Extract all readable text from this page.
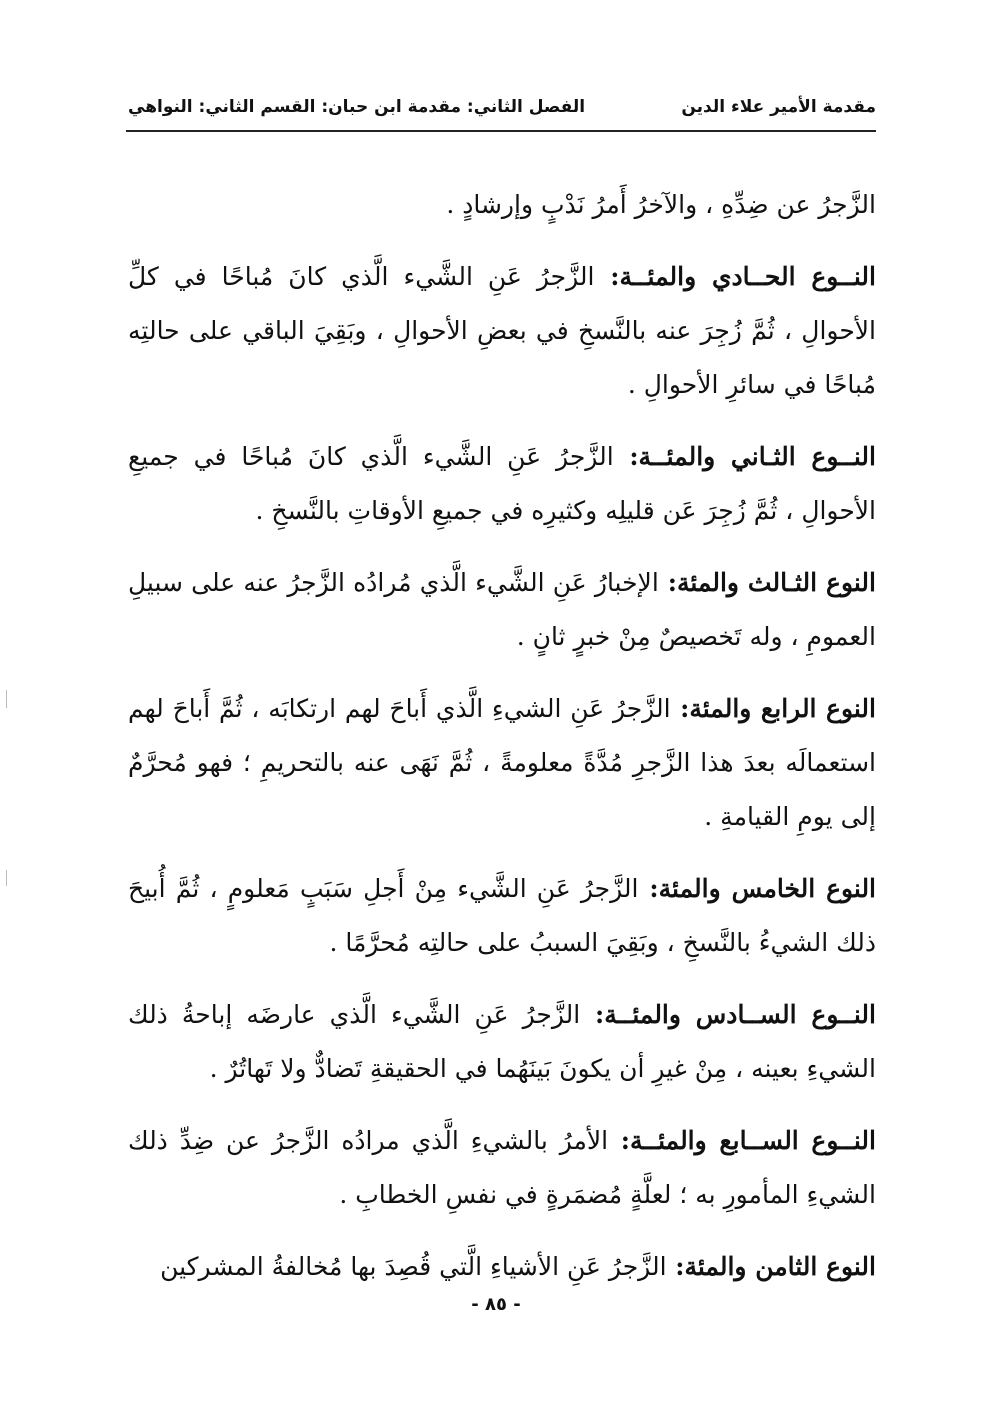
مقدمة الأمير علاء الدين
الفصل الثاني: مقدمة ابن حبان: القسم الثاني: النواهي

الزَّجرُ عن ضِدِّهِ ، والآخرُ أَمرُ نَدْبٍ وإرشادٍ .

النــوع الحــادي والمئــة: الزَّجرُ عَنِ الشَّيء الَّذي كانَ مُباحًا في كلِّ الأحوالِ ، ثُمَّ زُجِرَ عنه بالنَّسخِ في بعضِ الأحوالِ ، وبَقِيَ الباقي على حالتِه مُباحًا في سائرِ الأحوالِ .

النــوع الثـاني والمئــة: الزَّجرُ عَنِ الشَّيء الَّذي كانَ مُباحًا في جميعِ الأحوالِ ، ثُمَّ زُجِرَ عَن قليلِه وكثيرِه في جميعِ الأوقاتِ بالنَّسخِ .

النوع الثـالث والمئة: الإخبارُ عَنِ الشَّيء الَّذي مُرادُه الزَّجرُ عنه على سبيلِ العمومِ ، وله تَخصيصٌ مِنْ خبرٍ ثانٍ .

النوع الرابع والمئة: الزَّجرُ عَنِ الشيءِ الَّذي أَباحَ لهم ارتكابَه ، ثُمَّ أَباحَ لهم استعمالَه بعدَ هذا الزَّجرِ مُدَّةً معلومةً ، ثُمَّ نَهَى عنه بالتحريمِ ؛ فهو مُحرَّمٌ إلى يومِ القيامةِ .

النوع الخامس والمئة: الزَّجرُ عَنِ الشَّيء مِنْ أَجلِ سَبَبٍ مَعلومٍ ، ثُمَّ أُبيحَ ذلك الشيءُ بالنَّسخِ ، وبَقِيَ السببُ على حالتِه مُحرَّمًا .

النــوع الســادس والمئــة: الزَّجرُ عَنِ الشَّيء الَّذي عارضَه إباحةُ ذلك الشيءِ بعينه ، مِنْ غيرِ أن يكونَ بَينَهُما في الحقيقةِ تَضادٌّ ولا تَهاتُرٌ .

النــوع الســابع والمئــة: الأمرُ بالشيءِ الَّذي مرادُه الزَّجرُ عن ضِدِّ ذلك الشيءِ المأمورِ به ؛ لعلَّةٍ مُضمَرةٍ في نفسِ الخطابِ .

النوع الثامن والمئة: الزَّجرُ عَنِ الأشياءِ الَّتي قُصِدَ بها مُخالفةُ المشركين

- ٨٥ -
